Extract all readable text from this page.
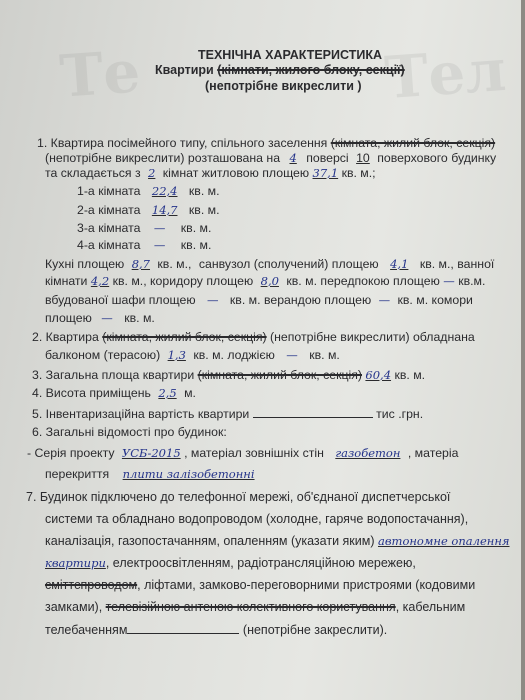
Те	Тел
ТЕХНІЧНА ХАРАКТЕРИСТИКА
Квартири (кімнати, жилого блоку, секції)
(непотрібне викреслити )
1. Квартира посімейного типу, спільного заселення (кімната, жилий блок, секція)
(непотрібне викреслити) розташована на 4 поверсі 10 поверхового будинку
та складається з 2 кімнат житловою площею 37,1 кв. м.;
1-а кімната 22,4 кв. м.
2-а кімната 14,7 кв. м.
3-а кімната — кв. м.
4-а кімната — кв. м.
Кухні площею 8,7 кв. м., санвузол (сполучений) площею 4,1 кв. м., ванної
кімнати 4,2 кв. м., коридору площею 8,0 кв. м. передпокою площею — кв.м.
вбудованої шафи площею — кв. м. верандою площею — кв. м. комори
площею — кв. м.
2. Квартира (кімната, жилий блок, секція) (непотрібне викреслити) обладнана
балконом (терасою) 1,3 кв. м. лоджією — кв. м.
3. Загальна площа квартири (кімната, жилий блок, секція) 60,4 кв. м.
4. Висота приміщень 2,5 м.
5. Інвентаризаційна вартість квартири	тис .грн.
6. Загальні відомості про будинок:
- Серія проекту УСБ-2015 , матеріал зовнішніх стін газобетон , матеріа
перекриття плити залізобетонні
7. Будинок підключено до телефонної мережі, об'єднаної диспетчерської
системи та обладнано водопроводом (холодне, гаряче водопостачання),
каналізація, газопостачанням, опаленням (указати яким) автономне опалення
квартири, електроосвітленням, радіотрансляційною мережею,
сміттєпроводом, ліфтами, замково-переговорними пристроями (кодовими
замками), телевізійною антеною колективного користування, кабельним
телебаченням	(непотрібне закреслити).
